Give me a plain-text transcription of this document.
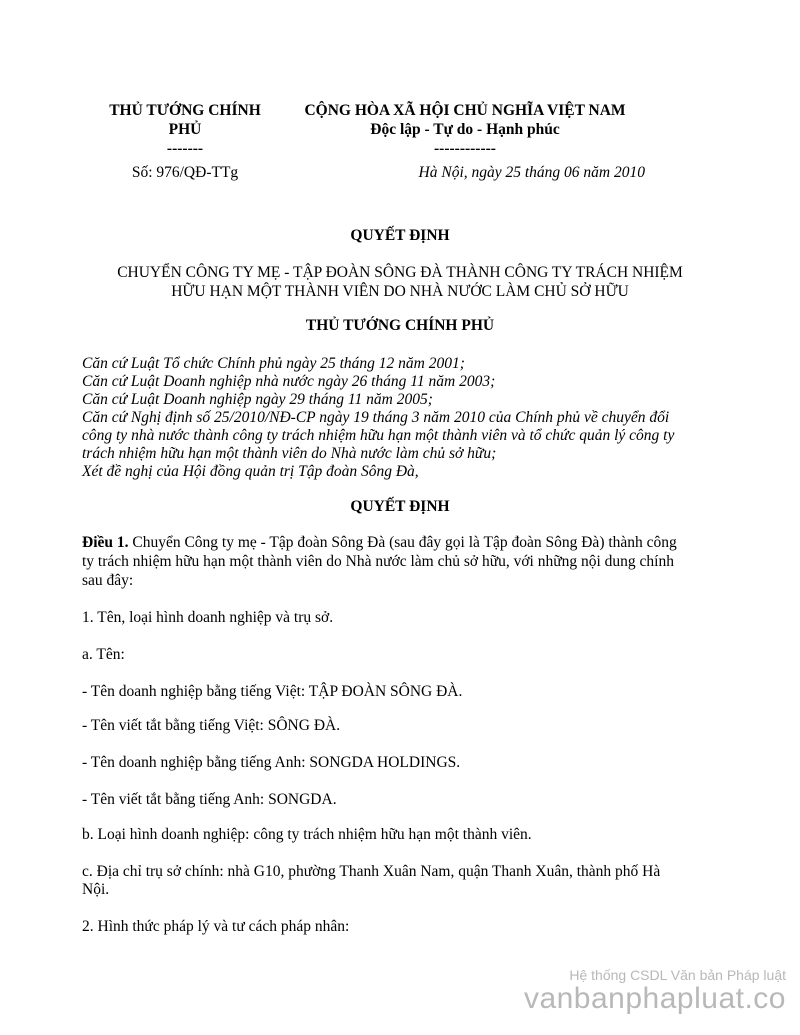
THỦ TƯỚNG CHÍNH
PHỦ
-------
CỘNG HÒA XÃ HỘI CHỦ NGHĨA VIỆT NAM
Độc lập - Tự do - Hạnh phúc
------------
Số: 976/QĐ-TTg	Hà Nội, ngày 25 tháng 06 năm 2010
QUYẾT ĐỊNH
CHUYỂN CÔNG TY MẸ - TẬP ĐOÀN SÔNG ĐÀ THÀNH CÔNG TY TRÁCH NHIỆM
HỮU HẠN MỘT THÀNH VIÊN DO NHÀ NƯỚC LÀM CHỦ SỞ HỮU
THỦ TƯỚNG CHÍNH PHỦ
Căn cứ Luật Tổ chức Chính phủ ngày 25 tháng 12 năm 2001;
Căn cứ Luật Doanh nghiệp nhà nước ngày 26 tháng 11 năm 2003;
Căn cứ Luật Doanh nghiệp ngày 29 tháng 11 năm 2005;
Căn cứ Nghị định số 25/2010/NĐ-CP ngày 19 tháng 3 năm 2010 của Chính phủ về chuyển đổi
công ty nhà nước thành công ty trách nhiệm hữu hạn một thành viên và tổ chức quản lý công ty
trách nhiệm hữu hạn một thành viên do Nhà nước làm chủ sở hữu;
Xét đề nghị của Hội đồng quản trị Tập đoàn Sông Đà,
QUYẾT ĐỊNH
Điều 1. Chuyển Công ty mẹ - Tập đoàn Sông Đà (sau đây gọi là Tập đoàn Sông Đà) thành công
ty trách nhiệm hữu hạn một thành viên do Nhà nước làm chủ sở hữu, với những nội dung chính
sau đây:
1. Tên, loại hình doanh nghiệp và trụ sở.
a. Tên:
- Tên doanh nghiệp bằng tiếng Việt: TẬP ĐOÀN SÔNG ĐÀ.
- Tên viết tắt bằng tiếng Việt: SÔNG ĐÀ.
- Tên doanh nghiệp bằng tiếng Anh: SONGDA HOLDINGS.
- Tên viết tắt bằng tiếng Anh: SONGDA.
b. Loại hình doanh nghiệp: công ty trách nhiệm hữu hạn một thành viên.
c. Địa chỉ trụ sở chính: nhà G10, phường Thanh Xuân Nam, quận Thanh Xuân, thành phố Hà
Nội.
2. Hình thức pháp lý và tư cách pháp nhân:
Hệ thống CSDL Văn bản Pháp luật
vanbanphapluat.co
